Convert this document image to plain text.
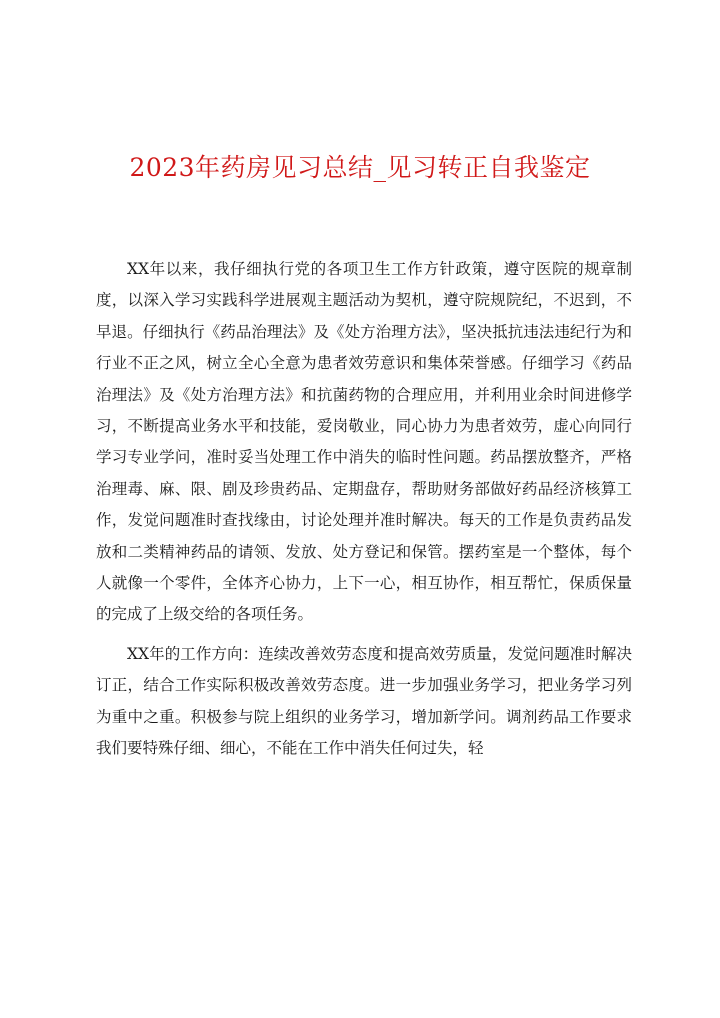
2023年药房见习总结_见习转正自我鉴定

XX年以来，我仔细执行党的各项卫生工作方针政策，遵守医院的规章制度，以深入学习实践科学进展观主题活动为契机，遵守院规院纪，不迟到，不早退。仔细执行《药品治理法》及《处方治理方法》，坚决抵抗违法违纪行为和行业不正之风，树立全心全意为患者效劳意识和集体荣誉感。仔细学习《药品治理法》及《处方治理方法》和抗菌药物的合理应用，并利用业余时间进修学习，不断提高业务水平和技能，爱岗敬业，同心协力为患者效劳，虚心向同行学习专业学问，准时妥当处理工作中消失的临时性问题。药品摆放整齐，严格治理毒、麻、限、剧及珍贵药品、定期盘存，帮助财务部做好药品经济核算工作，发觉问题准时查找缘由，讨论处理并准时解决。每天的工作是负责药品发放和二类精神药品的请领、发放、处方登记和保管。摆药室是一个整体，每个人就像一个零件，全体齐心协力，上下一心，相互协作，相互帮忙，保质保量的完成了上级交给的各项任务。

XX年的工作方向：连续改善效劳态度和提高效劳质量，发觉问题准时解决订正，结合工作实际积极改善效劳态度。进一步加强业务学习，把业务学习列为重中之重。积极参与院上组织的业务学习，增加新学问。调剂药品工作要求我们要特殊仔细、细心，不能在工作中消失任何过失，轻
